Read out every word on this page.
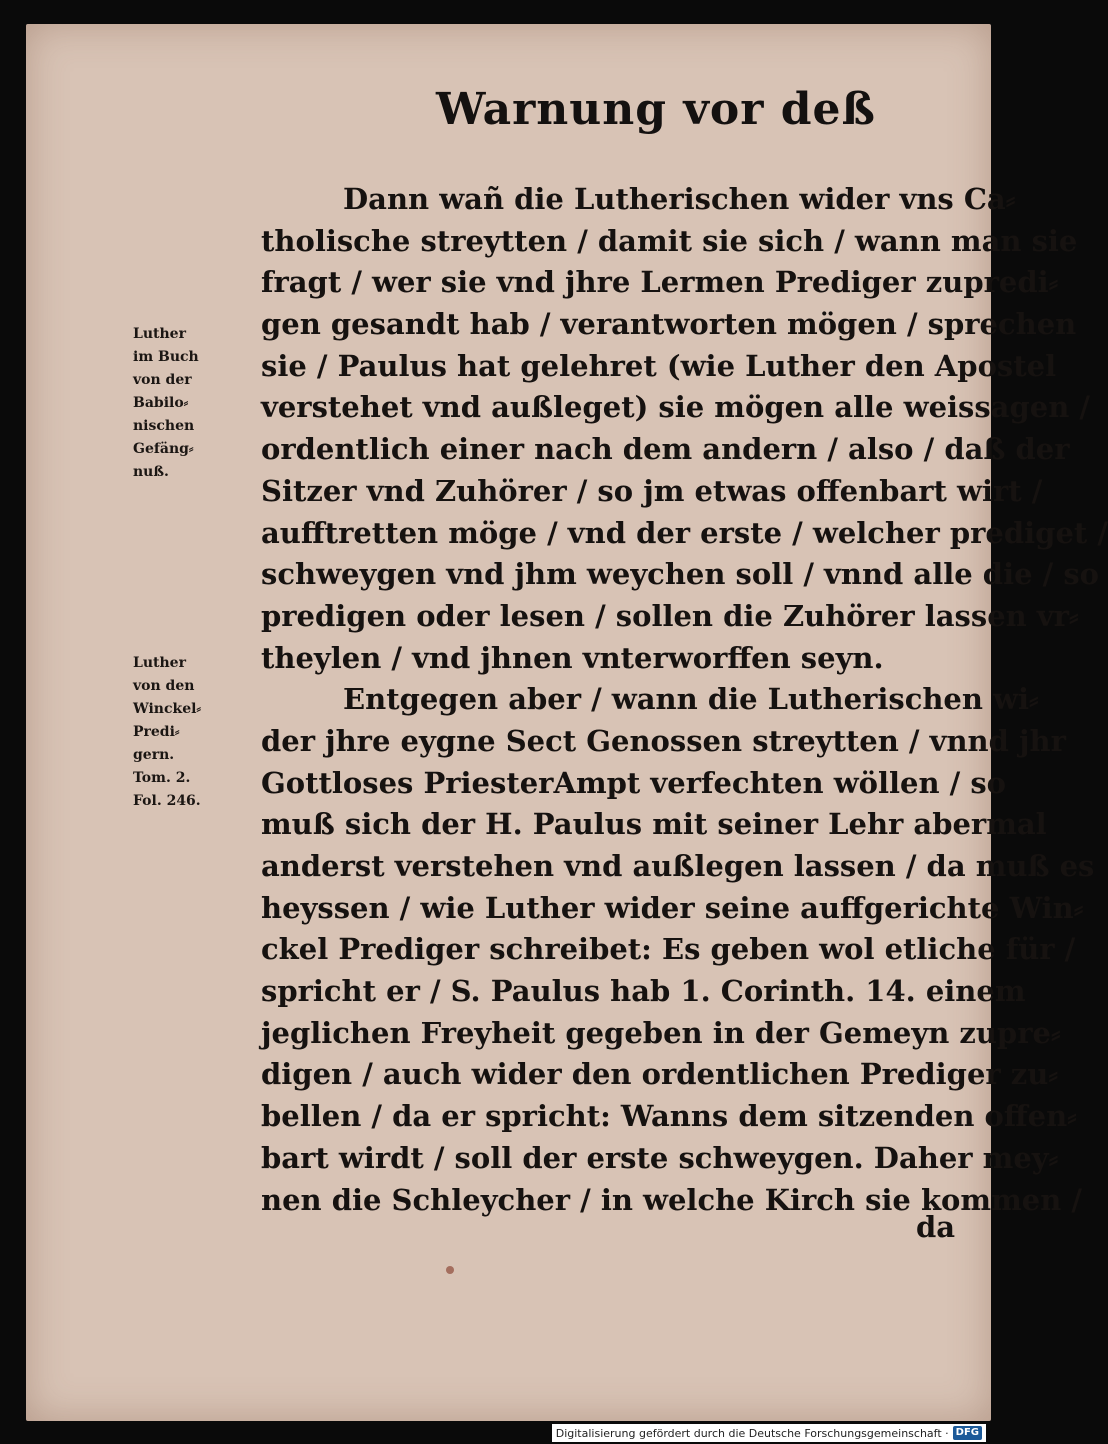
Warnung vor deß
Dann wañ die Lutherischen wider vns Ca⸗
tholische streytten / damit sie sich / wann man sie
fragt / wer sie vnd jhre Lermen Prediger zupredi⸗
gen gesandt hab / verantworten mögen / sprechen
sie / Paulus hat gelehret (wie Luther den Apostel
verstehet vnd außleget) sie mögen alle weissagen /
ordentlich einer nach dem andern / also / daß der
Sitzer vnd Zuhörer / so jm etwas offenbart wirt /
aufftretten möge / vnd der erste / welcher prediget /
schweygen vnd jhm weychen soll / vnnd alle die / so
predigen oder lesen / sollen die Zuhörer lassen vr⸗
theylen / vnd jhnen vnterworffen seyn.
Entgegen aber / wann die Lutherischen wi⸗
der jhre eygne Sect Genossen streytten / vnnd jhr
Gottloses PriesterAmpt verfechten wöllen / so
muß sich der H. Paulus mit seiner Lehr abermal
anderst verstehen vnd außlegen lassen / da muß es
heyssen / wie Luther wider seine auffgerichte Win⸗
ckel Prediger schreibet: Es geben wol etliche für /
spricht er / S. Paulus hab 1. Corinth. 14. einem
jeglichen Freyheit gegeben in der Gemeyn zupre⸗
digen / auch wider den ordentlichen Prediger zu⸗
bellen / da er spricht: Wanns dem sitzenden offen⸗
bart wirdt / soll der erste schweygen. Daher mey⸗
nen die Schleycher / in welche Kirch sie kommen /
da
Luther
im Buch
von der
Babilo⸗
nischen
Gefäng⸗
nuß.
Luther
von den
Winckel⸗
Predi⸗
gern.
Tom. 2.
Fol. 246.
Digitalisierung gefördert durch die Deutsche Forschungsgemeinschaft · DFG
